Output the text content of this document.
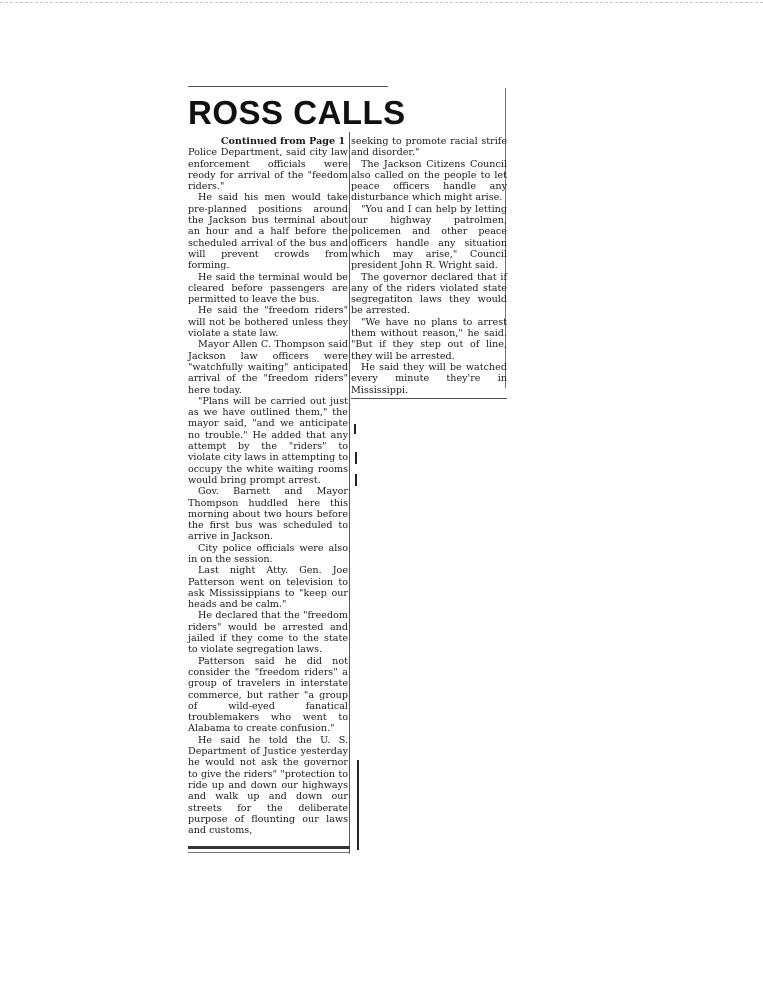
ROSS CALLS
Continued from Page 1

Police Department, said city law enforcement officials were reody for arrival of the "feedom riders."

He said his men would take pre-planned positions around the Jackson bus terminal about an hour and a half before the scheduled arrival of the bus and will prevent crowds from forming.

He said the terminal would be cleared before passengers are permitted to leave the bus.

He said the "freedom riders" will not be bothered unless they violate a state law.

Mayor Allen C. Thompson said Jackson law officers were "watchfully waiting" anticipated arrival of the "freedom riders" here today.

"Plans will be carried out just as we have outlined them," the mayor said, "and we anticipate no trouble." He added that any attempt by the "riders" to violate city laws in attempting to occupy the white waiting rooms would bring prompt arrest.

Gov. Barnett and Mayor Thompson huddled here this morning about two hours before the first bus was scheduled to arrive in Jackson.

City police officials were also in on the session.

Last night Atty. Gen. Joe Patterson went on television to ask Mississippians to "keep our heads and be calm."

He declared that the "freedom riders" would be arrested and jailed if they come to the state to violate segregation laws.

Patterson said he did not consider the "freedom riders" a group of travelers in interstate commerce, but rather "a group of wild-eyed fanatical troublemakers who went to Alabama to create confusion."

He said he told the U. S. Department of Justice yesterday he would not ask the governor to give the riders" "protection to ride up and down our highways and walk up and down our streets for the deliberate purpose of flounting our laws and customs,

seeking to promote racial strife and disorder."

The Jackson Citizens Council also called on the people to let peace officers handle any disturbance which might arise.

"You and I can help by letting our highway patrolmen, policemen and other peace officers handle any situation which may arise," Council president John R. Wright said.

The governor declared that if any of the riders violated state segregatiton laws they would be arrested.

"We have no plans to arrest them without reason," he said. "But if they step out of line, they will be arrested.

He said they will be watched every minute they're in Mississippi.
